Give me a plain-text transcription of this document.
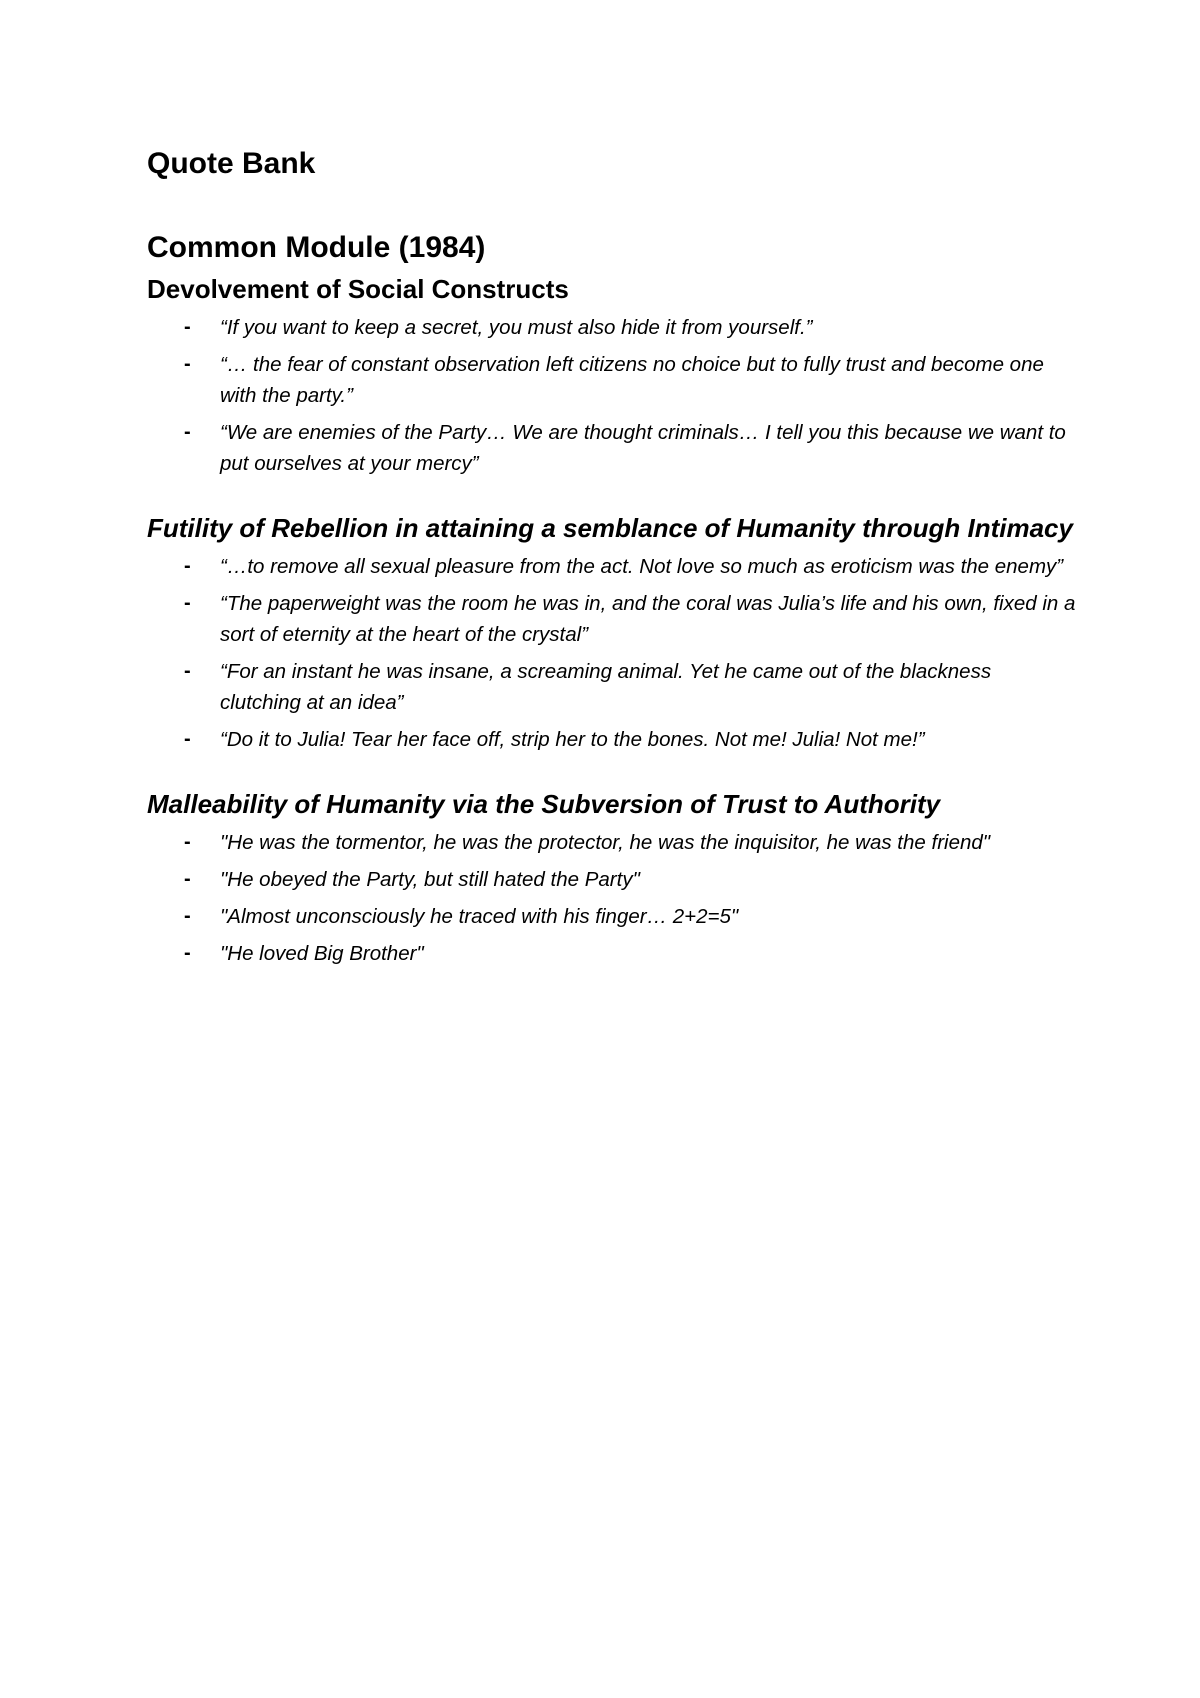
Quote Bank
Common Module (1984)
Devolvement of Social Constructs
- “If you want to keep a secret, you must also hide it from yourself.”
- “… the fear of constant observation left citizens no choice but to fully trust and become one with the party.”
- “We are enemies of the Party… We are thought criminals… I tell you this because we want to put ourselves at your mercy”
Futility of Rebellion in attaining a semblance of Humanity through Intimacy
- “…to remove all sexual pleasure from the act. Not love so much as eroticism was the enemy”
- “The paperweight was the room he was in, and the coral was Julia’s life and his own, fixed in a sort of eternity at the heart of the crystal”
- “For an instant he was insane, a screaming animal. Yet he came out of the blackness clutching at an idea”
- “Do it to Julia! Tear her face off, strip her to the bones. Not me! Julia! Not me!”
Malleability of Humanity via the Subversion of Trust to Authority
- "He was the tormentor, he was the protector, he was the inquisitor, he was the friend"
- "He obeyed the Party, but still hated the Party"
- "Almost unconsciously he traced with his finger… 2+2=5"
- "He loved Big Brother"
